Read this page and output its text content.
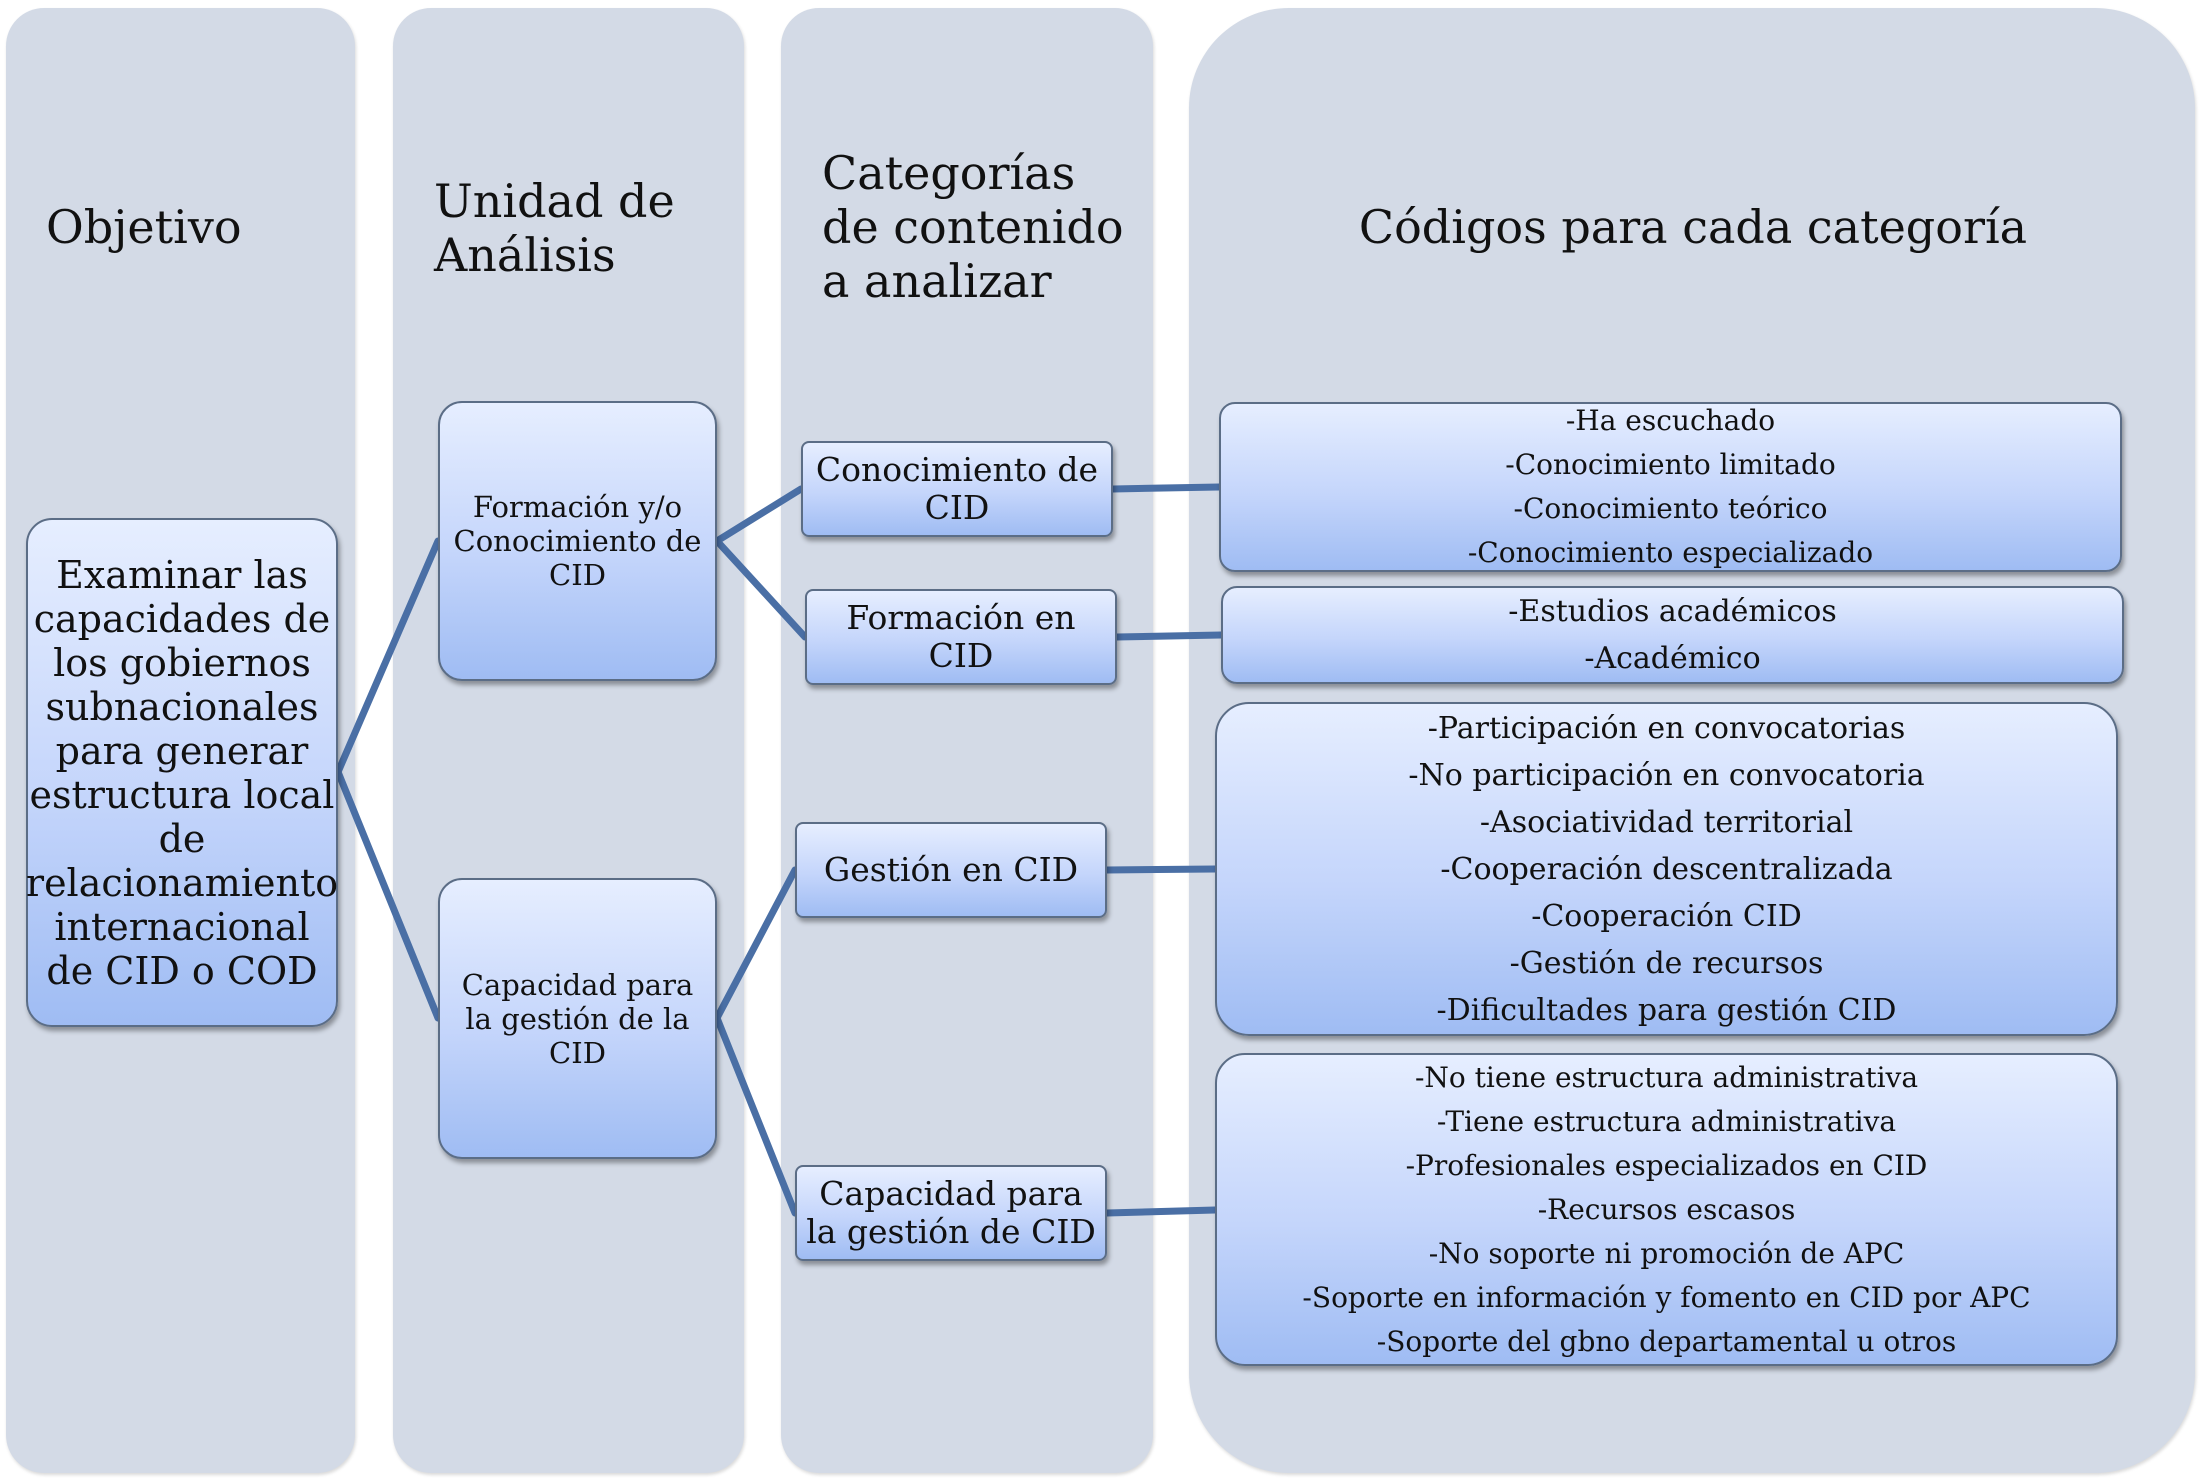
Objetivo	Unidad de Análisis
Categorías de contenido a analizar
Códigos para cada categoría
Examinar las capacidades de los gobiernos subnacionales para generar estructura local de relacionamiento internacional de CID o COD
Formación y/o Conocimiento de CID
Capacidad para la gestión de la CID
Conocimiento de CID
Formación en CID
Gestión en CID
Capacidad para la gestión de CID
-Ha escuchado
-Conocimiento limitado
-Conocimiento teórico
-Conocimiento especializado
-Estudios académicos
-Académico
-Participación en convocatorias
-No participación en convocatoria
-Asociatividad territorial
-Cooperación descentralizada
-Cooperación CID
-Gestión de recursos
-Dificultades para gestión CID
-No tiene estructura administrativa
-Tiene estructura administrativa
-Profesionales especializados en CID
-Recursos escasos
-No soporte ni promoción de APC
-Soporte en información y fomento en CID por APC
-Soporte del gbno departamental u otros
